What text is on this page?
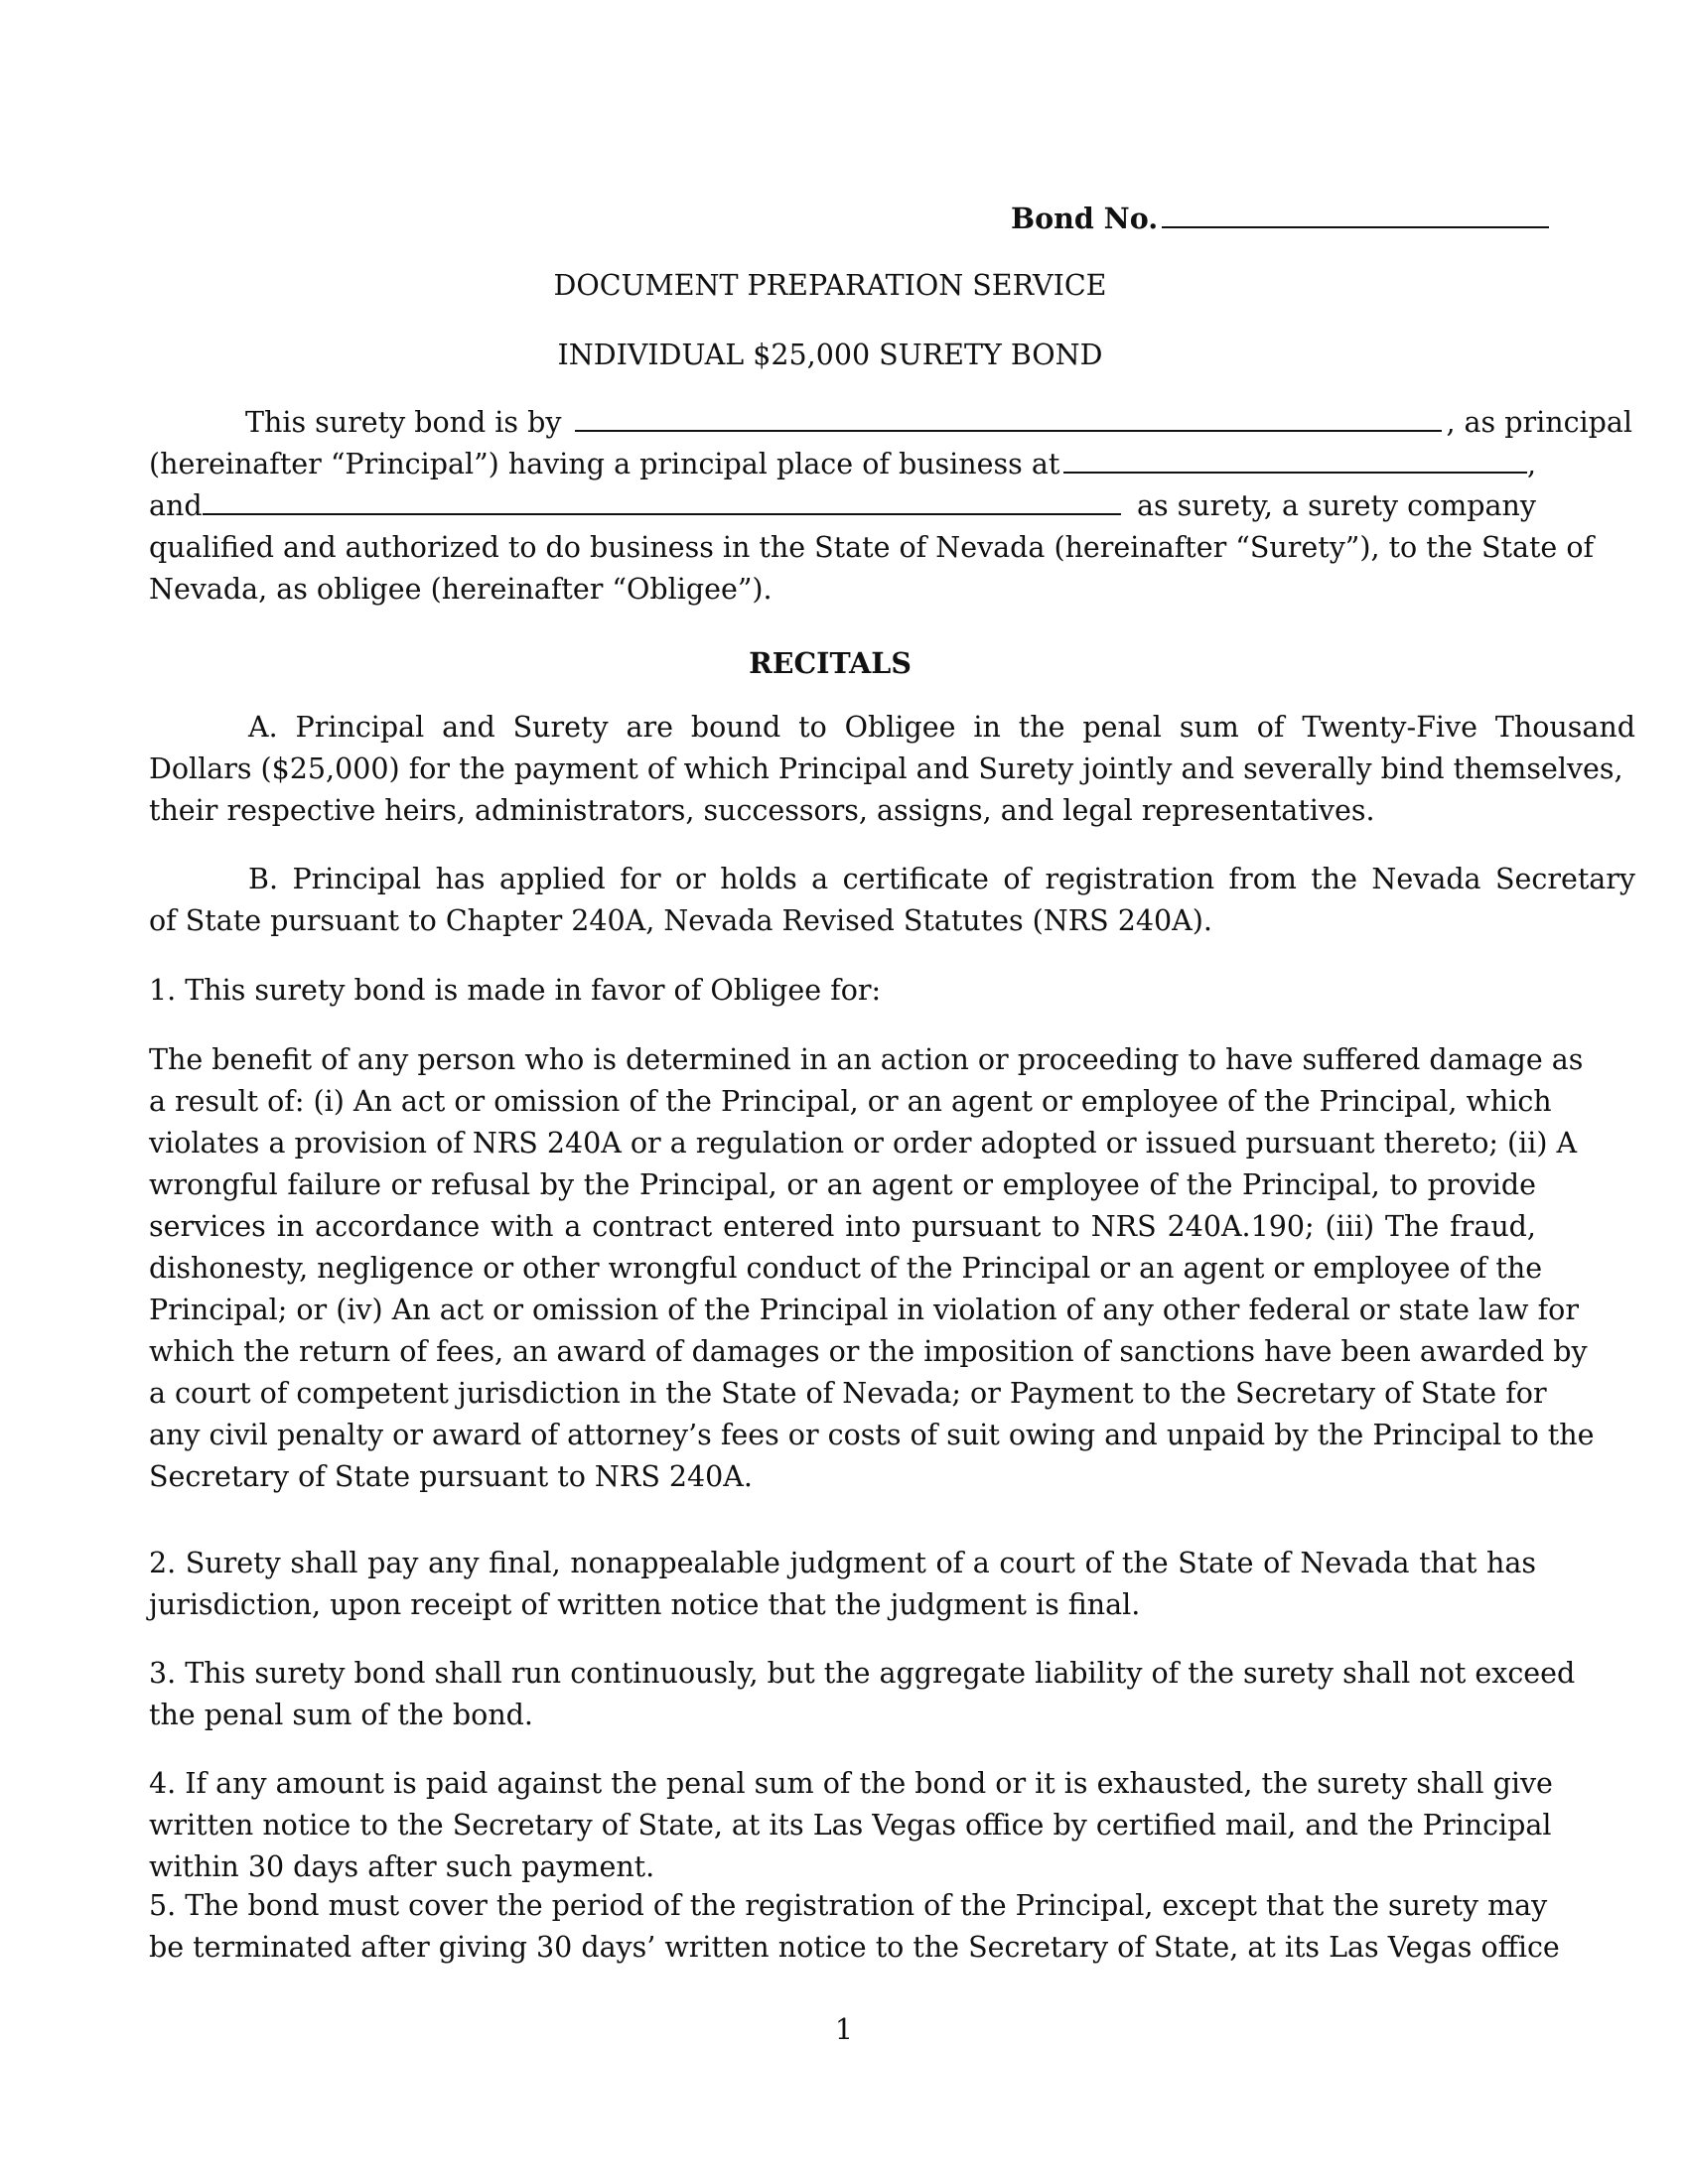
Bond No.
DOCUMENT PREPARATION SERVICE
INDIVIDUAL $25,000 SURETY BOND
This surety bond is by	, as principal
(hereinafter “Principal”) having a principal place of business at	,
and	as surety, a surety company
qualified and authorized to do business in the State of Nevada (hereinafter “Surety”), to the State of
Nevada, as obligee (hereinafter “Obligee”).
RECITALS
A. Principal and Surety are bound to Obligee in the penal sum of Twenty-Five Thousand
Dollars ($25,000) for the payment of which Principal and Surety jointly and severally bind themselves,
their respective heirs, administrators, successors, assigns, and legal representatives.
B. Principal has applied for or holds a certificate of registration from the Nevada Secretary
of State pursuant to Chapter 240A, Nevada Revised Statutes (NRS 240A).
1. This surety bond is made in favor of Obligee for:
The benefit of any person who is determined in an action or proceeding to have suffered damage as
a result of: (i) An act or omission of the Principal, or an agent or employee of the Principal, which
violates a provision of NRS 240A or a regulation or order adopted or issued pursuant thereto; (ii) A
wrongful failure or refusal by the Principal, or an agent or employee of the Principal, to provide
services in accordance with a contract entered into pursuant to NRS 240A.190; (iii) The fraud,
dishonesty, negligence or other wrongful conduct of the Principal or an agent or employee of the
Principal; or (iv) An act or omission of the Principal in violation of any other federal or state law for
which the return of fees, an award of damages or the imposition of sanctions have been awarded by
a court of competent jurisdiction in the State of Nevada; or Payment to the Secretary of State for
any civil penalty or award of attorney’s fees or costs of suit owing and unpaid by the Principal to the
Secretary of State pursuant to NRS 240A.
2. Surety shall pay any final, nonappealable judgment of a court of the State of Nevada that has
jurisdiction, upon receipt of written notice that the judgment is final.
3. This surety bond shall run continuously, but the aggregate liability of the surety shall not exceed
the penal sum of the bond.
4. If any amount is paid against the penal sum of the bond or it is exhausted, the surety shall give
written notice to the Secretary of State, at its Las Vegas office by certified mail, and the Principal
within 30 days after such payment.
5. The bond must cover the period of the registration of the Principal, except that the surety may
be terminated after giving 30 days’ written notice to the Secretary of State, at its Las Vegas office
1
